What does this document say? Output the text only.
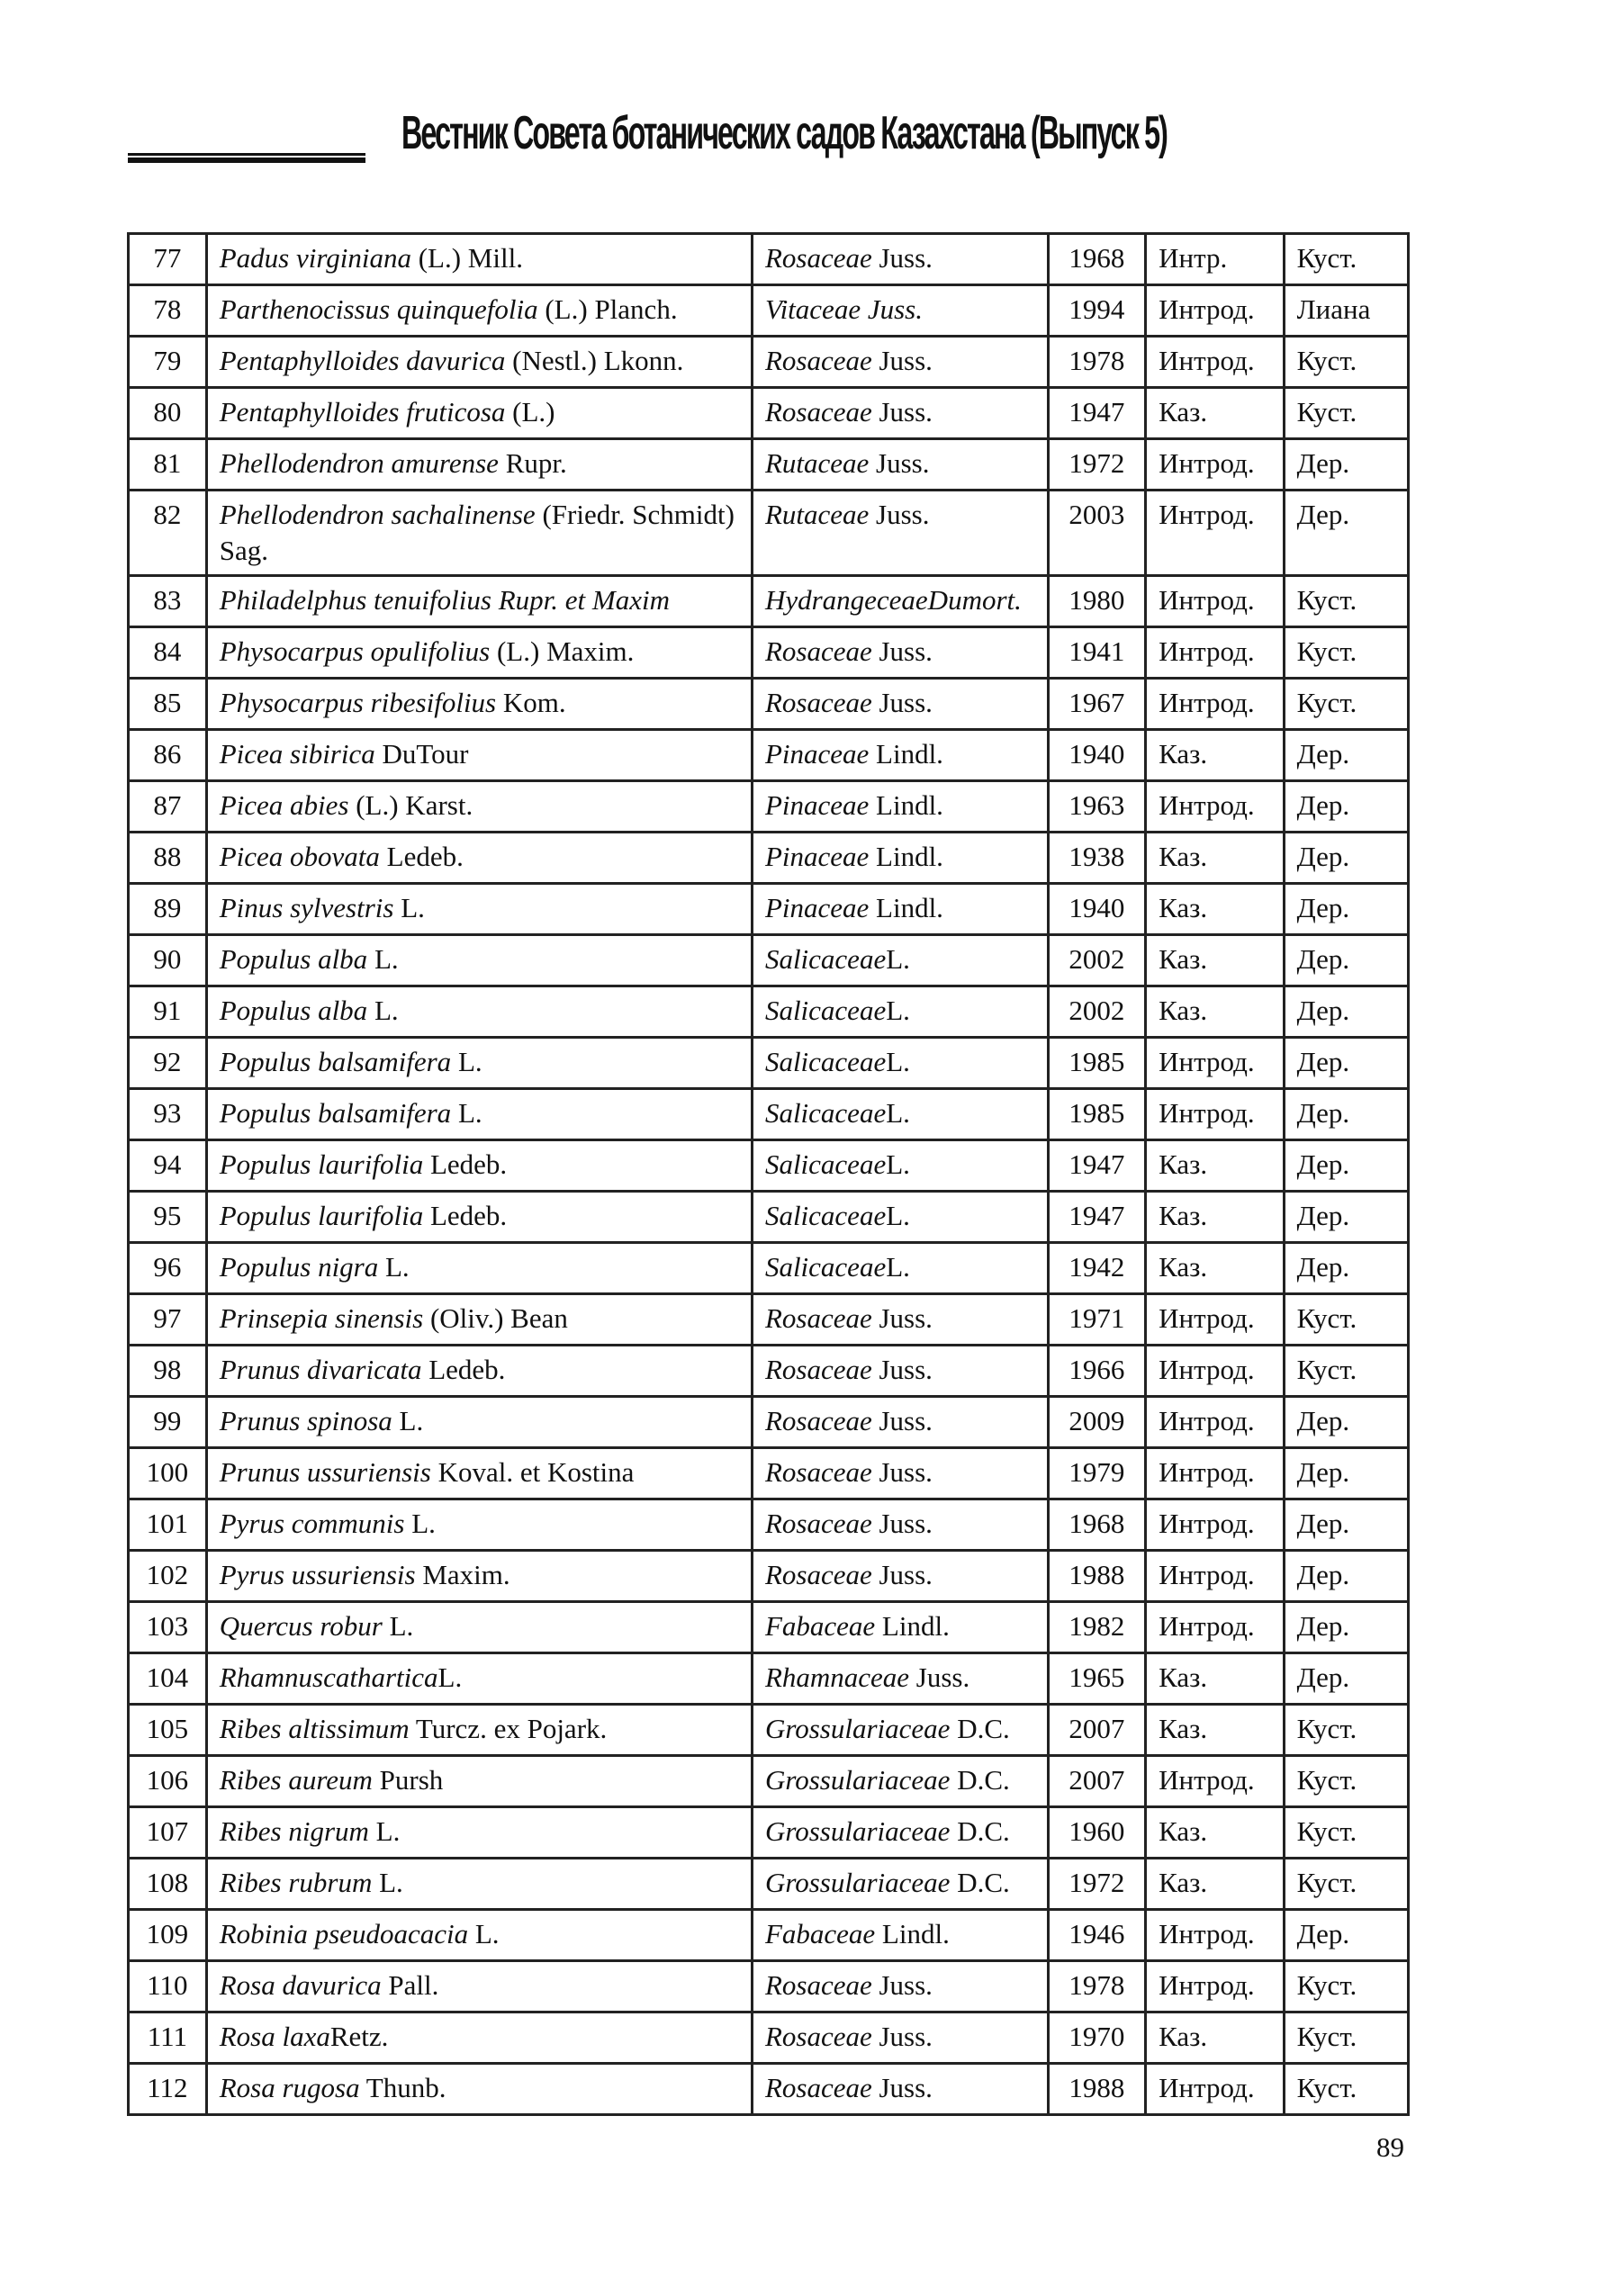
Вестник Совета ботанических садов Казахстана (Выпуск 5)
77	Padus virginiana (L.) Mill.	Rosaceae Juss.	1968	Интр.	Куст.
78	Parthenocissus quinquefolia (L.) Planch.	Vitaceae Juss.	1994	Интрод.	Лиана
79	Pentaphylloides davurica (Nestl.) Lkonn.	Rosaceae Juss.	1978	Интрод.	Куст.
80	Pentaphylloides fruticosa (L.)	Rosaceae Juss.	1947	Каз.	Куст.
81	Phellodendron amurense Rupr.	Rutaceae Juss.	1972	Интрод.	Дер.
82	Phellodendron sachalinense (Friedr. Schmidt) Sag.	Rutaceae Juss.	2003	Интрод.	Дер.
83	Philadelphus tenuifolius Rupr. et Maxim	HydrangeceaeDumort.	1980	Интрод.	Куст.
84	Physocarpus opulifolius (L.) Maxim.	Rosaceae Juss.	1941	Интрод.	Куст.
85	Physocarpus ribesifolius Kom.	Rosaceae Juss.	1967	Интрод.	Куст.
86	Picea sibirica DuTour	Pinaceae Lindl.	1940	Каз.	Дер.
87	Picea abies (L.) Karst.	Pinaceae Lindl.	1963	Интрод.	Дер.
88	Picea obovata Ledeb.	Pinaceae Lindl.	1938	Каз.	Дер.
89	Pinus sylvestris L.	Pinaceae Lindl.	1940	Каз.	Дер.
90	Populus alba L.	SalicaceaeL.	2002	Каз.	Дер.
91	Populus alba L.	SalicaceaeL.	2002	Каз.	Дер.
92	Populus balsamifera L.	SalicaceaeL.	1985	Интрод.	Дер.
93	Populus balsamifera L.	SalicaceaeL.	1985	Интрод.	Дер.
94	Populus laurifolia Ledeb.	SalicaceaeL.	1947	Каз.	Дер.
95	Populus laurifolia Ledeb.	SalicaceaeL.	1947	Каз.	Дер.
96	Populus nigra L.	SalicaceaeL.	1942	Каз.	Дер.
97	Prinsepia sinensis (Oliv.) Bean	Rosaceae Juss.	1971	Интрод.	Куст.
98	Prunus divaricata Ledeb.	Rosaceae Juss.	1966	Интрод.	Куст.
99	Prunus spinosa L.	Rosaceae Juss.	2009	Интрод.	Дер.
100	Prunus ussuriensis Koval. et Kostina	Rosaceae Juss.	1979	Интрод.	Дер.
101	Pyrus communis L.	Rosaceae Juss.	1968	Интрод.	Дер.
102	Pyrus ussuriensis Maxim.	Rosaceae Juss.	1988	Интрод.	Дер.
103	Quercus robur L.	Fabaceae Lindl.	1982	Интрод.	Дер.
104	RhamnuscatharticaL.	Rhamnaceae Juss.	1965	Каз.	Дер.
105	Ribes altissimum Turcz. ex Pojark.	Grossulariaceae D.C.	2007	Каз.	Куст.
106	Ribes aureum Pursh	Grossulariaceae D.C.	2007	Интрод.	Куст.
107	Ribes nigrum L.	Grossulariaceae D.C.	1960	Каз.	Куст.
108	Ribes rubrum L.	Grossulariaceae D.C.	1972	Каз.	Куст.
109	Robinia pseudoacacia L.	Fabaceae Lindl.	1946	Интрод.	Дер.
110	Rosa davurica Pall.	Rosaceae Juss.	1978	Интрод.	Куст.
111	Rosa laxaRetz.	Rosaceae Juss.	1970	Каз.	Куст.
112	Rosa rugosa Thunb.	Rosaceae Juss.	1988	Интрод.	Куст.
89
